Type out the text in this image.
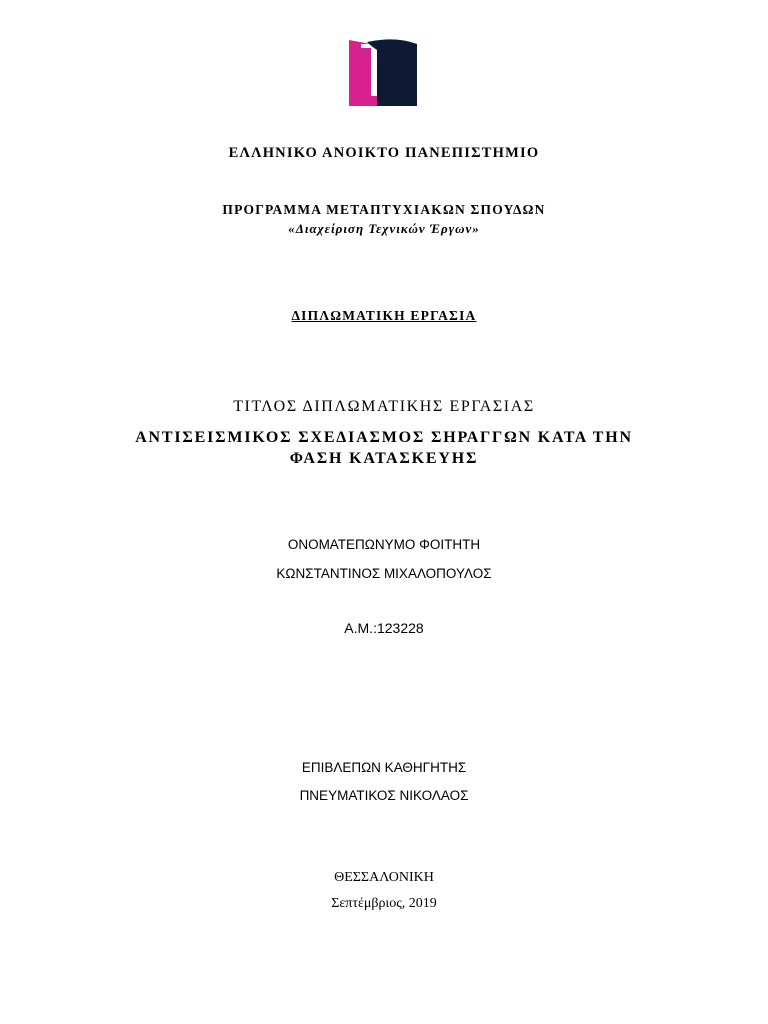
ΕΛΛΗΝΙΚΟ ΑΝΟΙΚΤΟ ΠΑΝΕΠΙΣΤΗΜΙΟ
ΠΡΟΓΡΑΜΜΑ ΜΕΤΑΠΤΥΧΙΑΚΩΝ ΣΠΟΥΔΩΝ
«Διαχείριση Τεχνικών Έργων»
ΔΙΠΛΩΜΑΤΙΚΗ ΕΡΓΑΣΙΑ
ΤΙΤΛΟΣ ΔΙΠΛΩΜΑΤΙΚΗΣ ΕΡΓΑΣΙΑΣ
ΑΝΤΙΣΕΙΣΜΙΚΟΣ ΣΧΕΔΙΑΣΜΟΣ ΣΗΡΑΓΓΩΝ ΚΑΤΑ ΤΗΝ
ΦΑΣΗ ΚΑΤΑΣΚΕΥΗΣ
ΟΝΟΜΑΤΕΠΩΝΥΜΟ ΦΟΙΤΗΤΗ
ΚΩΝΣΤΑΝΤΙΝΟΣ ΜΙΧΑΛΟΠΟΥΛΟΣ
Α.Μ.:123228
ΕΠΙΒΛΕΠΩΝ ΚΑΘΗΓΗΤΗΣ
ΠΝΕΥΜΑΤΙΚΟΣ ΝΙΚΟΛΑΟΣ
ΘΕΣΣΑΛΟΝΙΚΗ
Σεπτέμβριος, 2019
